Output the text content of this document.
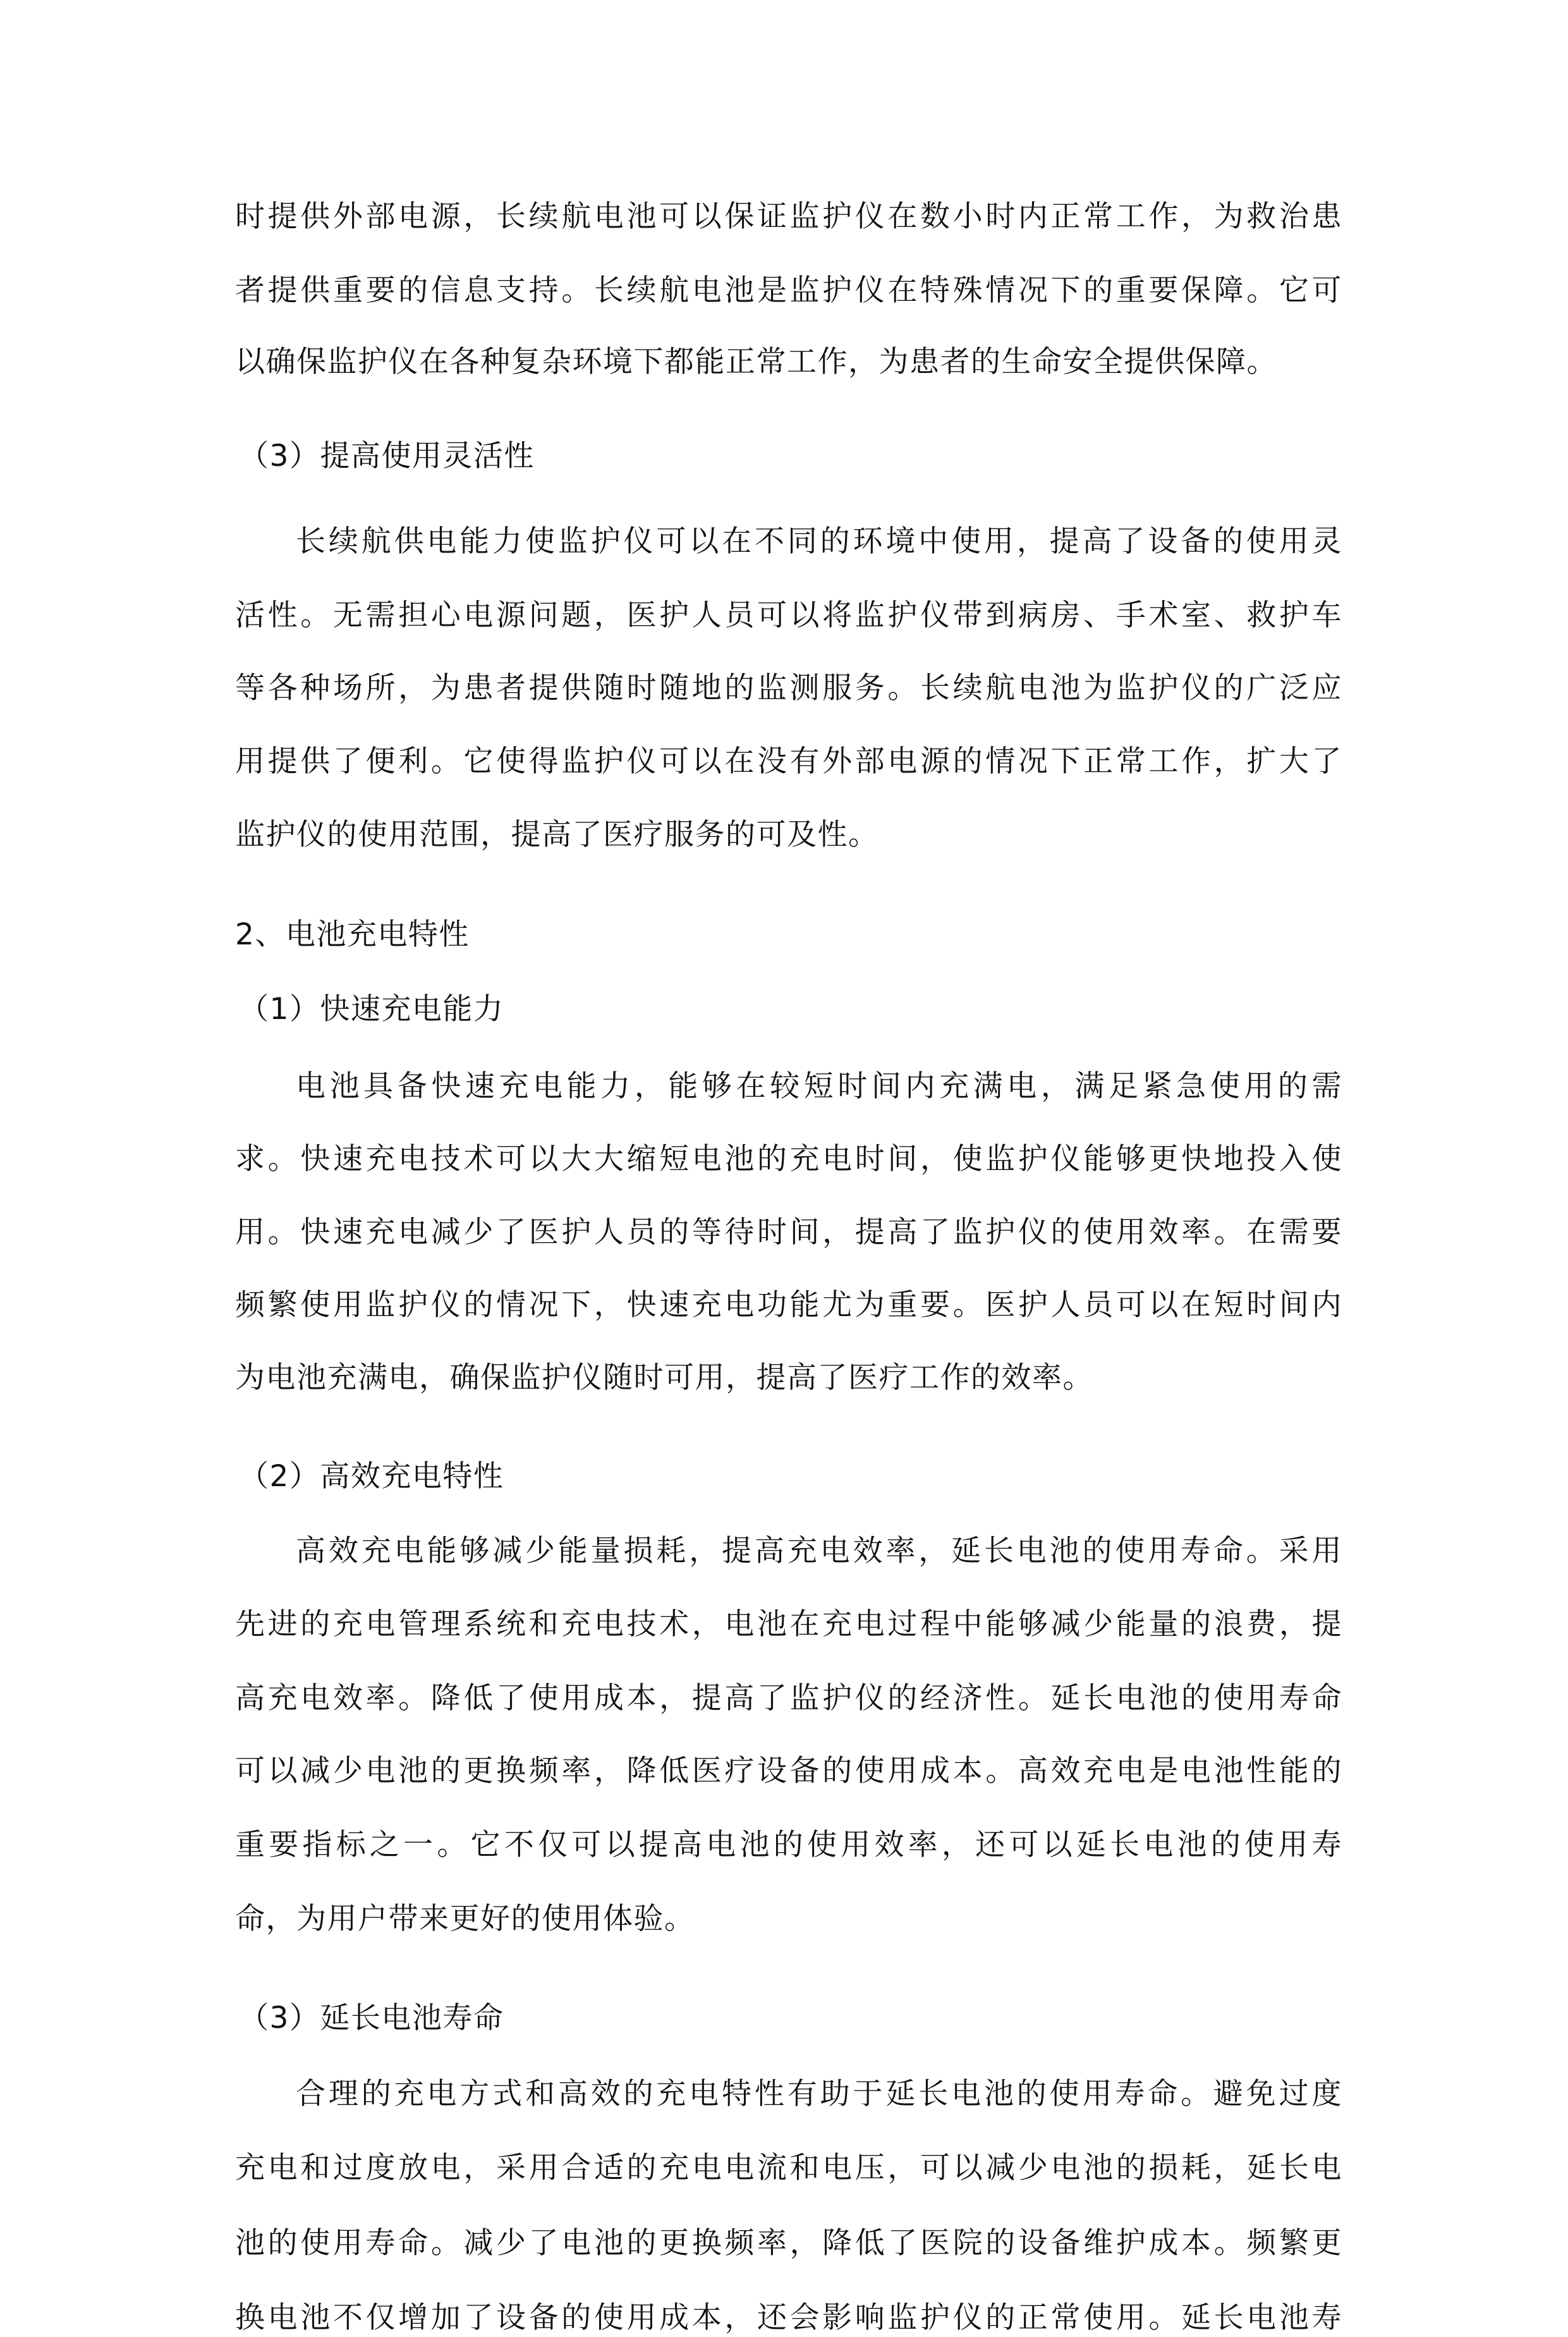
时提供外部电源，长续航电池可以保证监护仪在数小时内正常工作，为救治患
者提供重要的信息支持。长续航电池是监护仪在特殊情况下的重要保障。它可
以确保监护仪在各种复杂环境下都能正常工作，为患者的生命安全提供保障。
（3）提高使用灵活性
长续航供电能力使监护仪可以在不同的环境中使用，提高了设备的使用灵
活性。无需担心电源问题，医护人员可以将监护仪带到病房、手术室、救护车
等各种场所，为患者提供随时随地的监测服务。长续航电池为监护仪的广泛应
用提供了便利。它使得监护仪可以在没有外部电源的情况下正常工作，扩大了
监护仪的使用范围，提高了医疗服务的可及性。
2、电池充电特性
（1）快速充电能力
电池具备快速充电能力，能够在较短时间内充满电，满足紧急使用的需
求。快速充电技术可以大大缩短电池的充电时间，使监护仪能够更快地投入使
用。快速充电减少了医护人员的等待时间，提高了监护仪的使用效率。在需要
频繁使用监护仪的情况下，快速充电功能尤为重要。医护人员可以在短时间内
为电池充满电，确保监护仪随时可用，提高了医疗工作的效率。
（2）高效充电特性
高效充电能够减少能量损耗，提高充电效率，延长电池的使用寿命。采用
先进的充电管理系统和充电技术，电池在充电过程中能够减少能量的浪费，提
高充电效率。降低了使用成本，提高了监护仪的经济性。延长电池的使用寿命
可以减少电池的更换频率，降低医疗设备的使用成本。高效充电是电池性能的
重要指标之一。它不仅可以提高电池的使用效率，还可以延长电池的使用寿
命，为用户带来更好的使用体验。
（3）延长电池寿命
合理的充电方式和高效的充电特性有助于延长电池的使用寿命。避免过度
充电和过度放电，采用合适的充电电流和电压，可以减少电池的损耗，延长电
池的使用寿命。减少了电池的更换频率，降低了医院的设备维护成本。频繁更
换电池不仅增加了设备的使用成本，还会影响监护仪的正常使用。延长电池寿
